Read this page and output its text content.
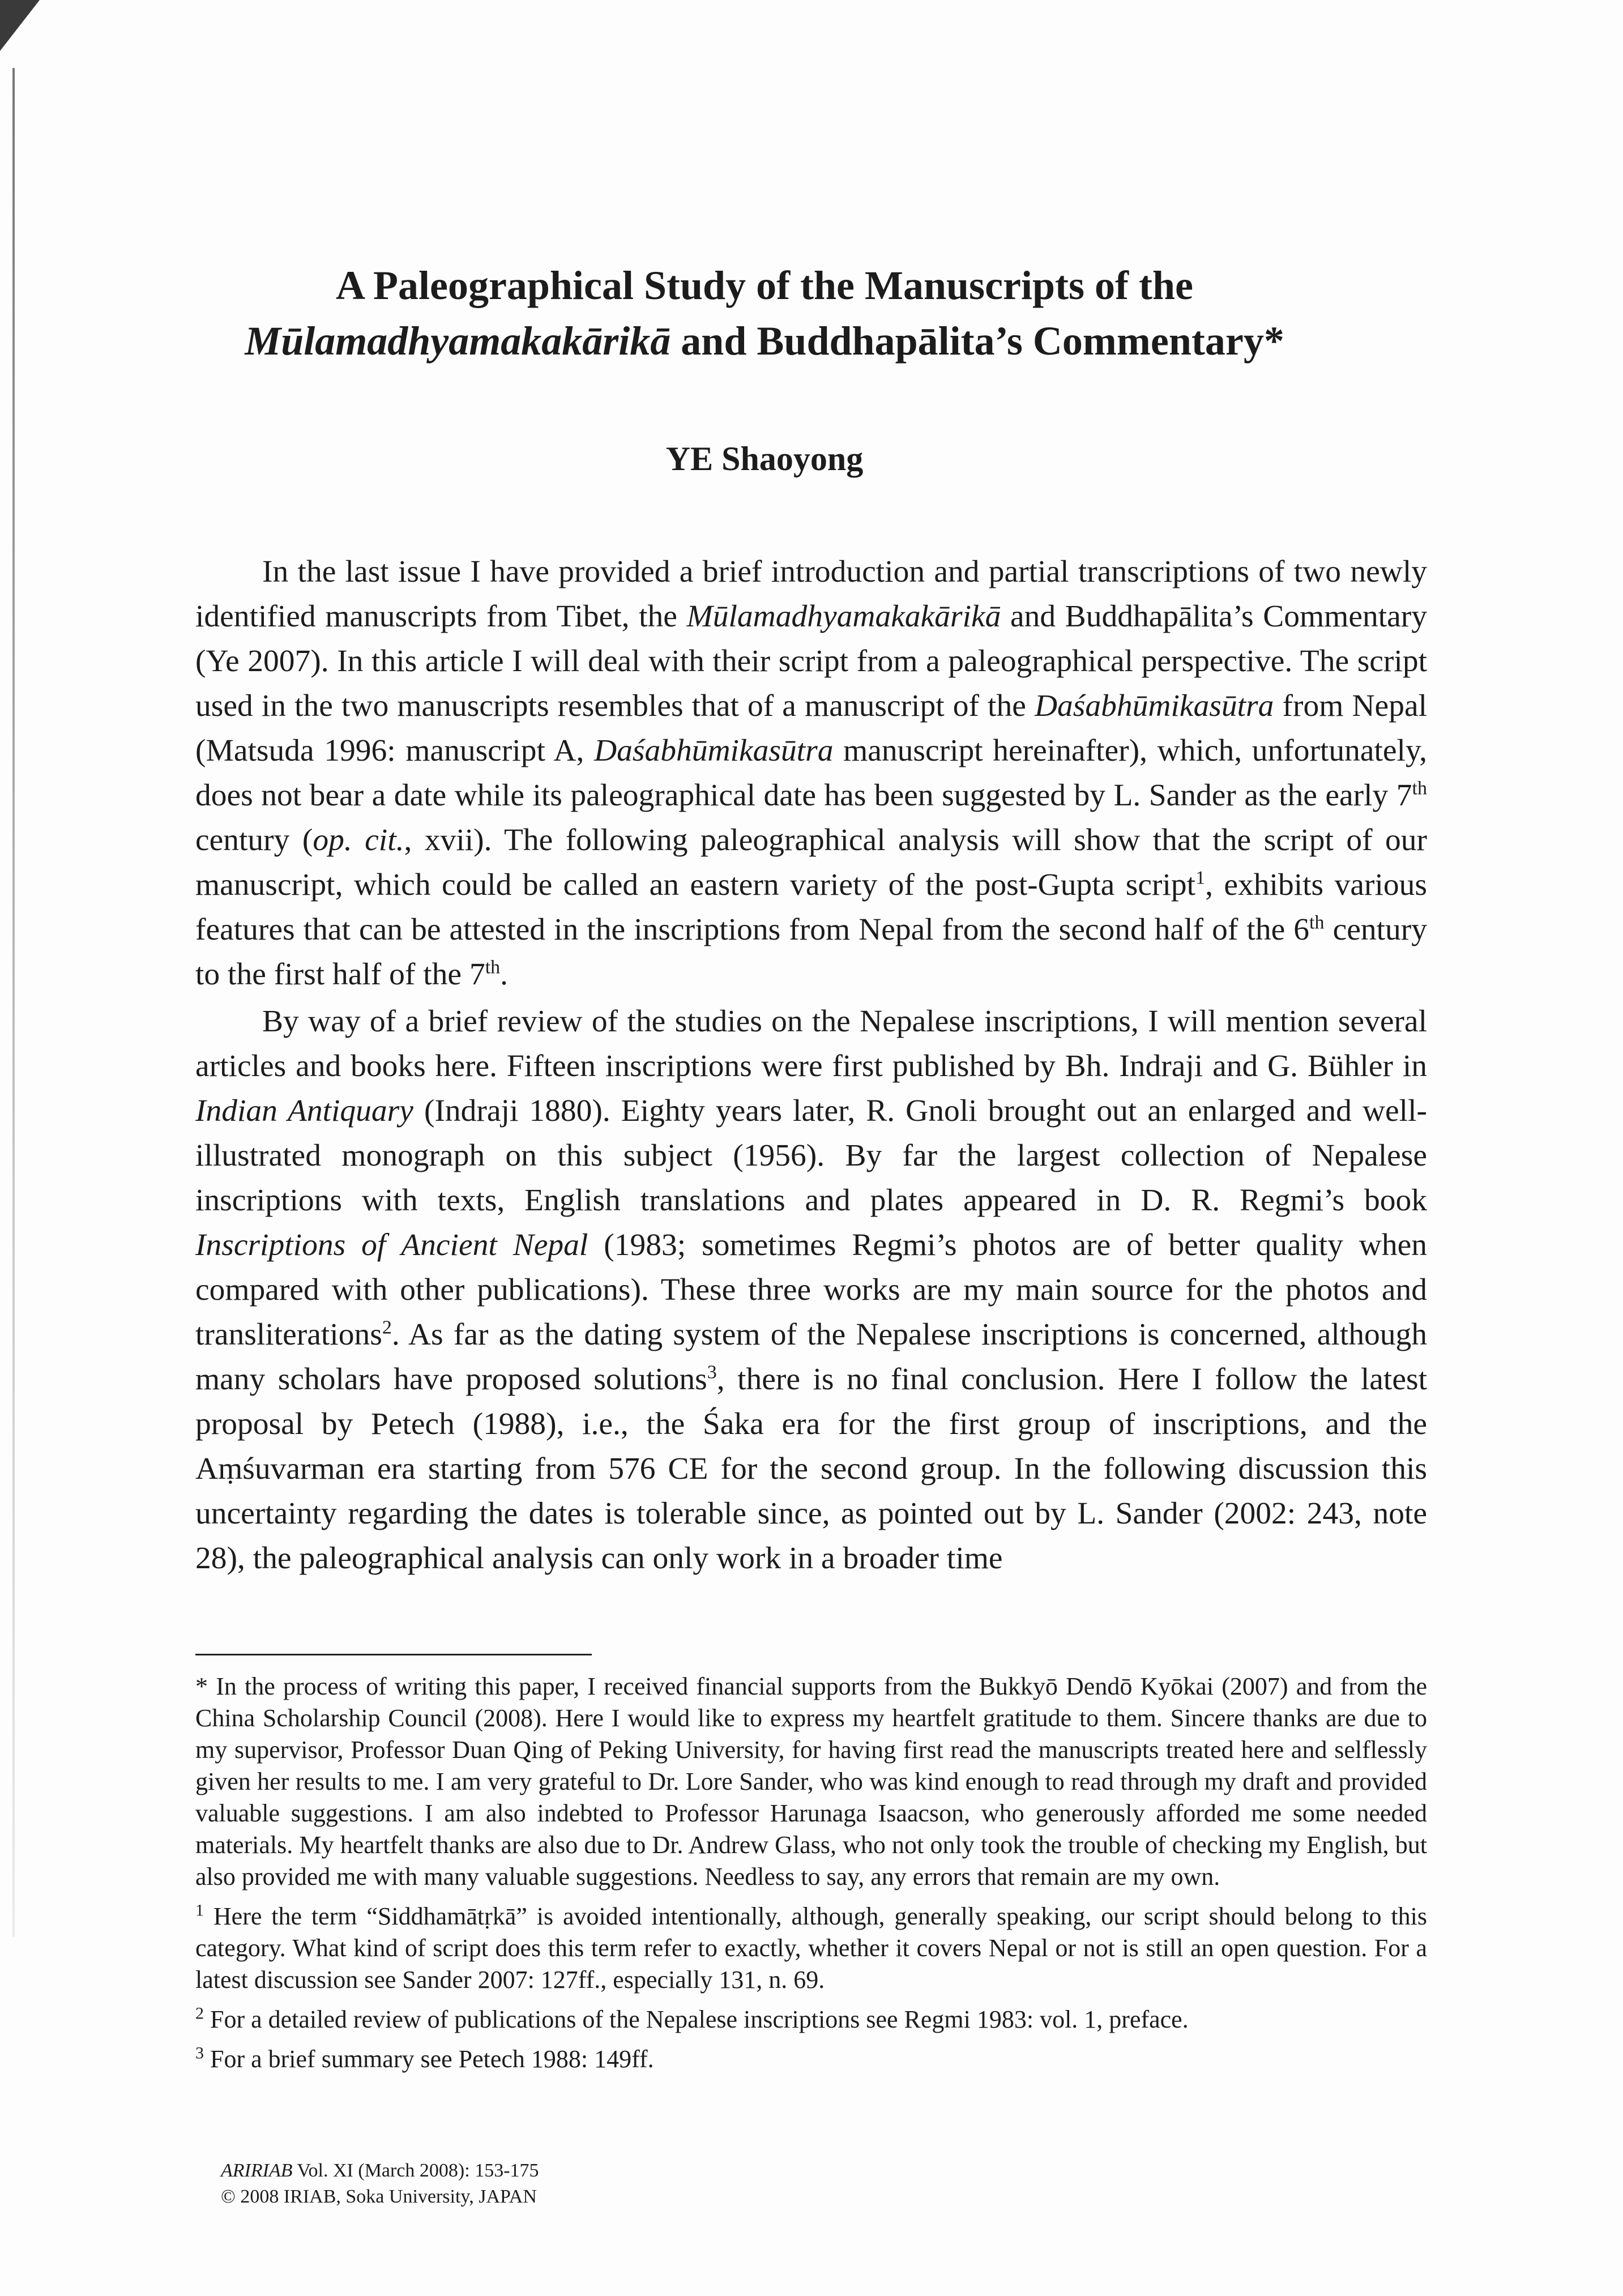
A Paleographical Study of the Manuscripts of the
Mūlamadhyamakakārikā and Buddhapālita’s Commentary*
YE Shaoyong

In the last issue I have provided a brief introduction and partial transcriptions of two newly identified manuscripts from Tibet, the Mūlamadhyamakakārikā and Buddhapālita’s Commentary (Ye 2007). In this article I will deal with their script from a paleographical perspective. The script used in the two manuscripts resembles that of a manuscript of the Daśabhūmikasūtra from Nepal (Matsuda 1996: manuscript A, Daśabhūmikasūtra manuscript hereinafter), which, unfortunately, does not bear a date while its paleographical date has been suggested by L. Sander as the early 7th century (op. cit., xvii). The following paleographical analysis will show that the script of our manuscript, which could be called an eastern variety of the post-Gupta script$^1$, exhibits various features that can be attested in the inscriptions from Nepal from the second half of the 6th century to the first half of the 7th.

By way of a brief review of the studies on the Nepalese inscriptions, I will mention several articles and books here. Fifteen inscriptions were first published by Bh. Indraji and G. Bühler in Indian Antiquary (Indraji 1880). Eighty years later, R. Gnoli brought out an enlarged and well-illustrated monograph on this subject (1956). By far the largest collection of Nepalese inscriptions with texts, English translations and plates appeared in D. R. Regmi’s book Inscriptions of Ancient Nepal (1983; sometimes Regmi’s photos are of better quality when compared with other publications). These three works are my main source for the photos and transliterations$^2$. As far as the dating system of the Nepalese inscriptions is concerned, although many scholars have proposed solutions$^3$, there is no final conclusion. Here I follow the latest proposal by Petech (1988), i.e., the Śaka era for the first group of inscriptions, and the Aṃśuvarman era starting from 576 CE for the second group. In the following discussion this uncertainty regarding the dates is tolerable since, as pointed out by L. Sander (2002: 243, note 28), the paleographical analysis can only work in a broader time

* In the process of writing this paper, I received financial supports from the Bukkyō Dendō Kyōkai (2007) and from the China Scholarship Council (2008). Here I would like to express my heartfelt gratitude to them. Sincere thanks are due to my supervisor, Professor Duan Qing of Peking University, for having first read the manuscripts treated here and selflessly given her results to me. I am very grateful to Dr. Lore Sander, who was kind enough to read through my draft and provided valuable suggestions. I am also indebted to Professor Harunaga Isaacson, who generously afforded me some needed materials. My heartfelt thanks are also due to Dr. Andrew Glass, who not only took the trouble of checking my English, but also provided me with many valuable suggestions. Needless to say, any errors that remain are my own.

$^1$ Here the term “Siddhamātṛkā” is avoided intentionally, although, generally speaking, our script should belong to this category. What kind of script does this term refer to exactly, whether it covers Nepal or not is still an open question. For a latest discussion see Sander 2007: 127ff., especially 131, n. 69.

$^2$ For a detailed review of publications of the Nepalese inscriptions see Regmi 1983: vol. 1, preface.

$^3$ For a brief summary see Petech 1988: 149ff.

ARIRIAB Vol. XI (March 2008): 153-175
© 2008 IRIAB, Soka University, JAPAN
